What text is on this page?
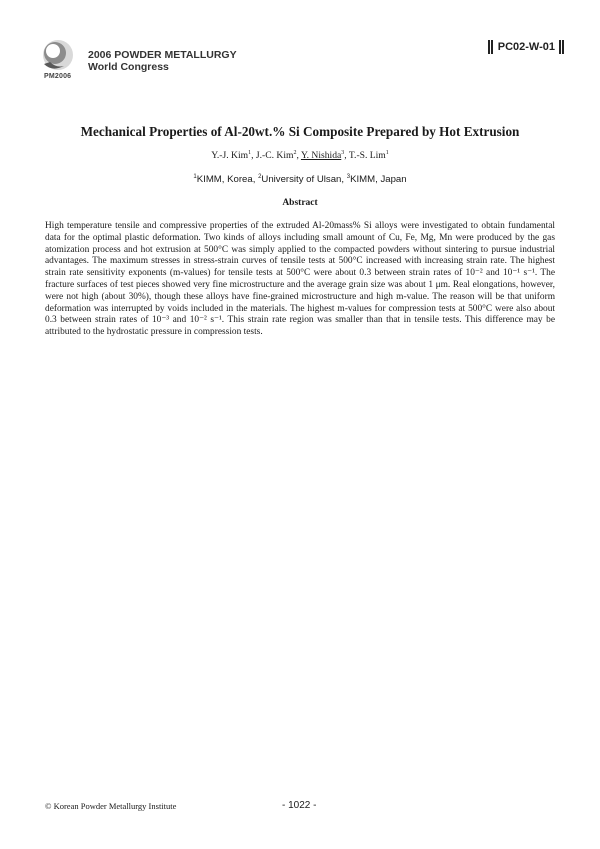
PM2006
2006 POWDER METALLURGY
World Congress
PC02-W-01
Mechanical Properties of Al-20wt.% Si Composite Prepared by Hot Extrusion
Y.-J. Kim$^1$, J.-C. Kim$^2$, Y. Nishida$^3$, T.-S. Lim$^1$
$^1$KIMM, Korea, $^2$University of Ulsan, $^3$KIMM, Japan
Abstract
High temperature tensile and compressive properties of the extruded Al-20mass% Si alloys were investigated to obtain fundamental data for the optimal plastic deformation. Two kinds of alloys including small amount of Cu, Fe, Mg, Mn were produced by the gas atomization process and hot extrusion at 500°C was simply applied to the compacted powders without sintering to pursue industrial advantages. The maximum stresses in stress-strain curves of tensile tests at 500°C increased with increasing strain rate. The highest strain rate sensitivity exponents (m-values) for tensile tests at 500°C were about 0.3 between strain rates of 10⁻² and 10⁻¹ s⁻¹. The fracture surfaces of test pieces showed very fine microstructure and the average grain size was about 1 μm. Real elongations, however, were not high (about 30%), though these alloys have fine-grained microstructure and high m-value. The reason will be that uniform deformation was interrupted by voids included in the materials. The highest m-values for compression tests at 500°C were also about 0.3 between strain rates of 10⁻³ and 10⁻² s⁻¹. This strain rate region was smaller than that in tensile tests. This difference may be attributed to the hydrostatic pressure in compression tests.
© Korean Powder Metallurgy Institute	- 1022 -
